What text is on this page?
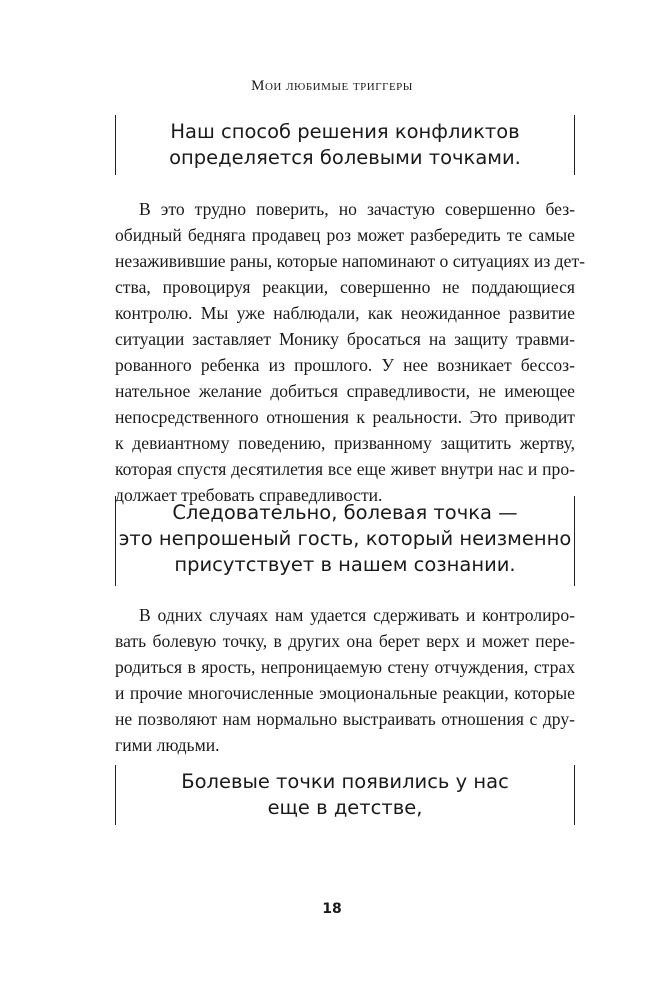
Мои любимые триггеры
Наш способ решения конфликтов
определяется болевыми точками.
В это трудно поверить, но зачастую совершенно без-
обидный бедняга продавец роз может разбередить те самые
незаживившие раны, которые напоминают о ситуациях из дет-
ства, провоцируя реакции, совершенно не поддающиеся
контролю. Мы уже наблюдали, как неожиданное развитие
ситуации заставляет Монику бросаться на защиту травми-
рованного ребенка из прошлого. У нее возникает бессоз-
нательное желание добиться справедливости, не имеющее
непосредственного отношения к реальности. Это приводит
к девиантному поведению, призванному защитить жертву,
которая спустя десятилетия все еще живет внутри нас и про-
должает требовать справедливости.
Следовательно, болевая точка —
это непрошеный гость, который неизменно
присутствует в нашем сознании.
В одних случаях нам удается сдерживать и контролиро-
вать болевую точку, в других она берет верх и может пере-
родиться в ярость, непроницаемую стену отчуждения, страх
и прочие многочисленные эмоциональные реакции, которые
не позволяют нам нормально выстраивать отношения с дру-
гими людьми.
Болевые точки появились у нас
еще в детстве,
18
